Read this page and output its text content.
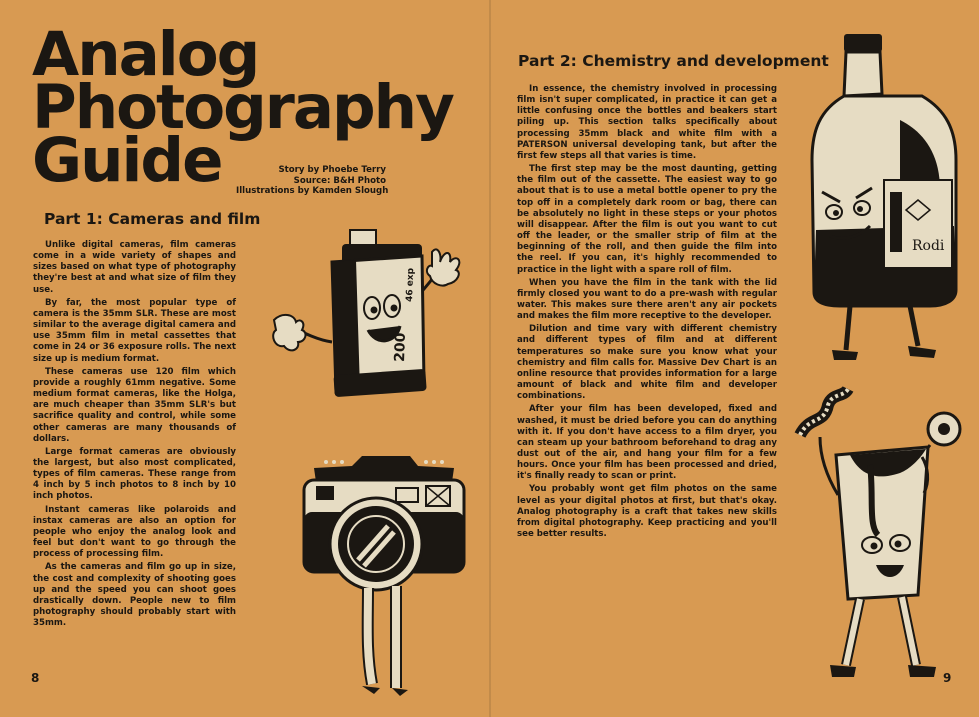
Analog
Photography
Guide	Story by Phoebe Terry
Source: B&H Photo
Illustrations by Kamden Slough
Part 1: Cameras and film

Unlike digital cameras, film cameras come in a wide variety of shapes and sizes based on what type of photography they're best at and what size of film they use.

By far, the most popular type of camera is the 35mm SLR. These are most similar to the average digital camera and use 35mm film in metal cassettes that come in 24 or 36 exposure rolls. The next size up is medium format.

These cameras use 120 film which provide a roughly 61mm negative. Some medium format cameras, like the Holga, are much cheaper than 35mm SLR's but sacrifice quality and control, while some other cameras are many thousands of dollars.

Large format cameras are obviously the largest, but also most complicated, types of film cameras. These range from 4 inch by 5 inch photos to 8 inch by 10 inch photos.

Instant cameras like polaroids and instax cameras are also an option for people who enjoy the analog look and feel but don't want to go through the process of processing film.

As the cameras and film go up in size, the cost and complexity of shooting goes up and the speed you can shoot goes drastically down. People new to film photography should probably start with 35mm.

200
46 exp
8
Part 2: Chemistry and development

In essence, the chemistry involved in processing film isn't super complicated, in practice it can get a little confusing once the bottles and beakers start piling up. This section talks specifically about processing 35mm black and white film with a PATERSON universal developing tank, but after the first few steps all that varies is time.

The first step may be the most daunting, getting the film out of the cassette. The easiest way to go about that is to use a metal bottle opener to pry the top off in a completely dark room or bag, there can be absolutely no light in these steps or your photos will disappear. After the film is out you want to cut off the leader, or the smaller strip of film at the beginning of the roll, and then guide the film into the reel. If you can, it's highly recommended to practice in the light with a spare roll of film.

When you have the film in the tank with the lid firmly closed you want to do a pre-wash with regular water. This makes sure there aren't any air pockets and makes the film more receptive to the developer.

Dilution and time vary with different chemistry and different types of film and at different temperatures so make sure you know what your chemistry and film calls for. Massive Dev Chart is an online resource that provides information for a large amount of black and white film and developer combinations.

After your film has been developed, fixed and washed, it must be dried before you can do anything with it. If you don't have access to a film dryer, you can steam up your bathroom beforehand to drag any dust out of the air, and hang your film for a few hours. Once your film has been processed and dried, it's finally ready to scan or print.

You probably wont get film photos on the same level as your digital photos at first, but that's okay. Analog photography is a craft that takes new skills from digital photography. Keep practicing and you'll see better results.

Rodi
9
